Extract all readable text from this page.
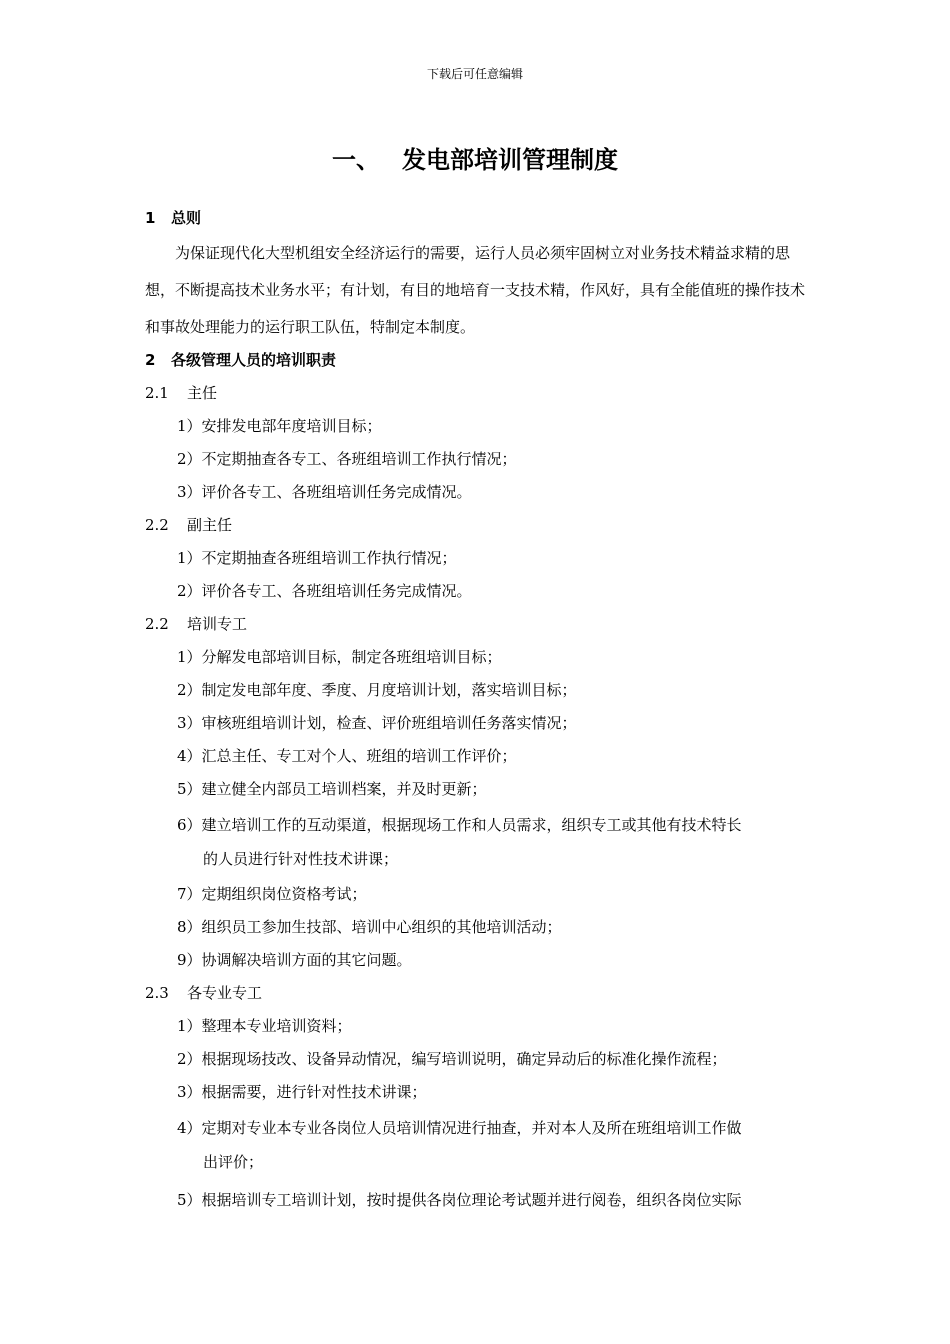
下载后可任意编辑
一、 发电部培训管理制度
1 总则
为保证现代化大型机组安全经济运行的需要，运行人员必须牢固树立对业务技术精益求精的思想，不断提高技术业务水平；有计划，有目的地培育一支技术精，作风好，具有全能值班的操作技术和事故处理能力的运行职工队伍，特制定本制度。
2 各级管理人员的培训职责
2.1 主任
1）安排发电部年度培训目标；
2）不定期抽查各专工、各班组培训工作执行情况；
3）评价各专工、各班组培训任务完成情况。
2.2 副主任
1）不定期抽查各班组培训工作执行情况；
2）评价各专工、各班组培训任务完成情况。
2.2 培训专工
1）分解发电部培训目标，制定各班组培训目标；
2）制定发电部年度、季度、月度培训计划，落实培训目标；
3）审核班组培训计划，检查、评价班组培训任务落实情况；
4）汇总主任、专工对个人、班组的培训工作评价；
5）建立健全内部员工培训档案，并及时更新；
6）建立培训工作的互动渠道，根据现场工作和人员需求，组织专工或其他有技术特长
的人员进行针对性技术讲课；
7）定期组织岗位资格考试；
8）组织员工参加生技部、培训中心组织的其他培训活动；
9）协调解决培训方面的其它问题。
2.3 各专业专工
1）整理本专业培训资料；
2）根据现场技改、设备异动情况，编写培训说明，确定异动后的标准化操作流程；
3）根据需要，进行针对性技术讲课；
4）定期对专业本专业各岗位人员培训情况进行抽查，并对本人及所在班组培训工作做
出评价；
5）根据培训专工培训计划，按时提供各岗位理论考试题并进行阅卷，组织各岗位实际
